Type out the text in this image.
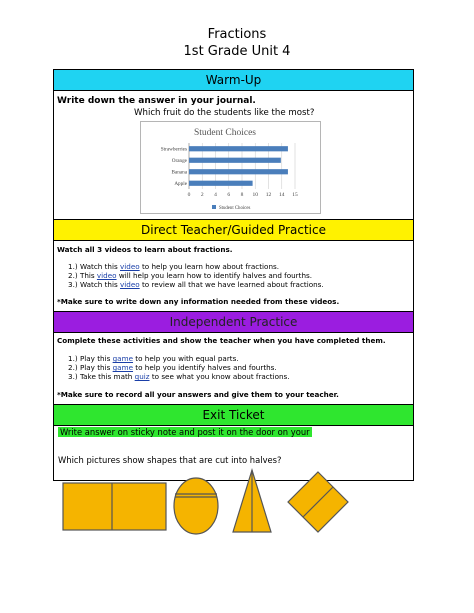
Fractions
1st Grade Unit 4
Warm-Up
Write down the answer in your journal.
Which fruit do the students like the most?
Student Choices
Strawberries
Orange
Banana
Apple
0 2 4 6 8 10 12 14 15
Student Choices
Direct Teacher/Guided Practice
Watch all 3 videos to learn about fractions.
1.) Watch this video to help you learn how about fractions.
2.) This video will help you learn how to identify halves and fourths.
3.) Watch this video to review all that we have learned about fractions.
*Make sure to write down any information needed from these videos.
Independent Practice
Complete these activities and show the teacher when you have completed them.
1.) Play this game to help you with equal parts.
2.) Play this game to help you identify halves and fourths.
3.) Take this math quiz to see what you know about fractions.
*Make sure to record all your answers and give them to your teacher.
Exit Ticket
Write answer on sticky note and post it on the door on your
Which pictures show shapes that are cut into halves?
